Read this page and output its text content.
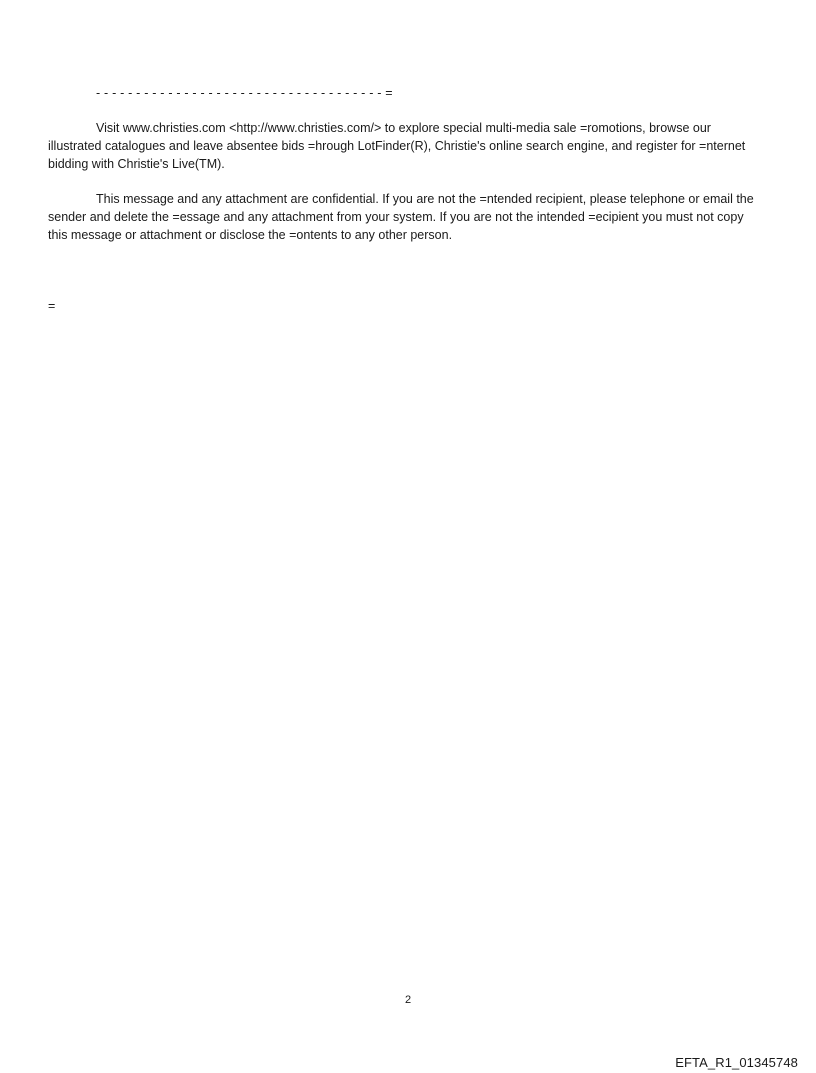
- - - - - - - - - - - - - - - - - - - - - - - - - - - - - - - - - - - - =

Visit www.christies.com <http://www.christies.com/> to explore special multi-media sale =romotions, browse our illustrated catalogues and leave absentee bids =hrough LotFinder(R), Christie's online search engine, and register for =nternet bidding with Christie's Live(TM).

This message and any attachment are confidential. If you are not the =ntended recipient, please telephone or email the sender and delete the =essage and any attachment from your system. If you are not the intended =ecipient you must not copy this message or attachment or disclose the =ontents to any other person.

=
2
EFTA_R1_01345748
